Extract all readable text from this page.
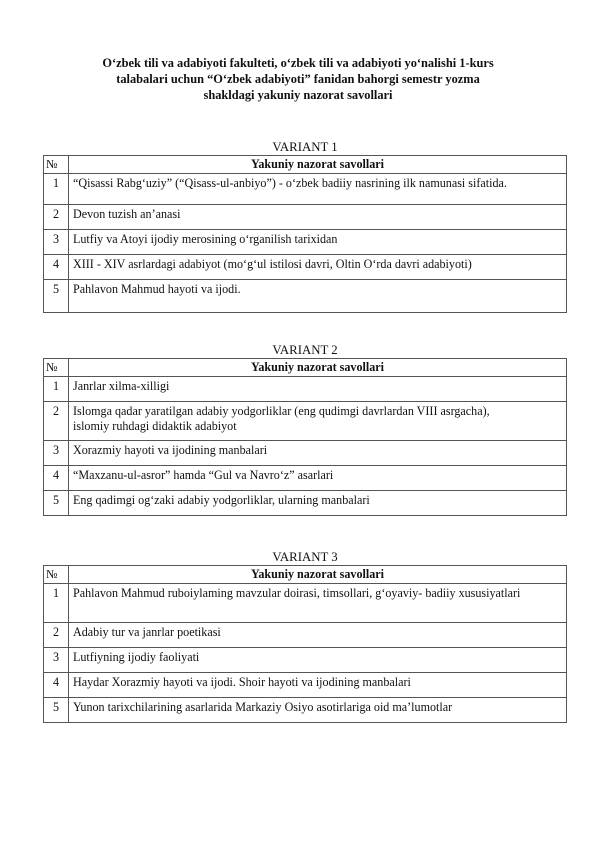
O‘zbek tili va adabiyoti fakulteti, o‘zbek tili va adabiyoti yo‘nalishi 1-kurs
talabalari uchun “O‘zbek adabiyoti” fanidan bahorgi semestr yozma
shakldagi yakuniy nazorat savollari
VARIANT 1
№	Yakuniy nazorat savollari
1	“Qisassi Rabg‘uziy” (“Qisass-ul-anbiyo”) - o‘zbek badiiy nasrining ilk namunasi sifatida.
2	Devon tuzish an’anasi
3	Lutfiy va Atoyi ijodiy merosining o‘rganilish tarixidan
4	XIII - XIV asrlardagi adabiyot (mo‘g‘ul istilosi davri, Oltin O‘rda davri adabiyoti)
5	Pahlavon Mahmud hayoti va ijodi.
VARIANT 2
№	Yakuniy nazorat savollari
1	Janrlar xilma-xilligi
2	Islomga qadar yaratilgan adabiy yodgorliklar (eng qudimgi davrlardan VIII asrgacha), islomiy ruhdagi didaktik adabiyot
3	Xorazmiy hayoti va ijodining manbalari
4	“Maxzanu-ul-asror” hamda “Gul va Navro‘z” asarlari
5	Eng qadimgi og‘zaki adabiy yodgorliklar, ularning manbalari
VARIANT 3
№	Yakuniy nazorat savollari
1	Pahlavon Mahmud ruboiylaming mavzular doirasi, timsollari, g‘oyaviy- badiiy xususiyatlari
2	Adabiy tur va janrlar poetikasi
3	Lutfiyning ijodiy faoliyati
4	Haydar Xorazmiy hayoti va ijodi. Shoir hayoti va ijodining manbalari
5	Yunon tarixchilarining asarlarida Markaziy Osiyo asotirlariga oid ma’lumotlar
